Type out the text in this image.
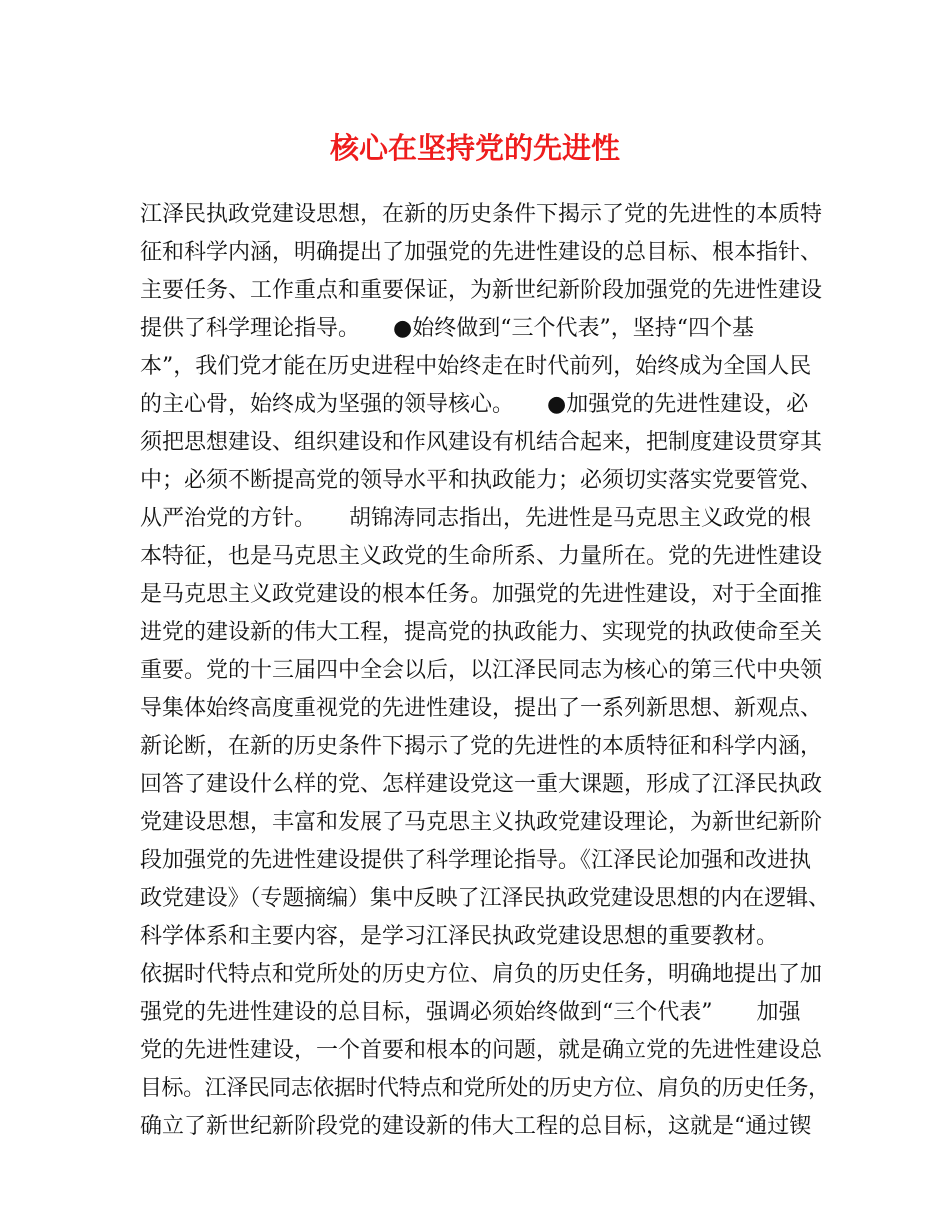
核心在坚持党的先进性
江泽民执政党建设思想，在新的历史条件下揭示了党的先进性的本质特
征和科学内涵，明确提出了加强党的先进性建设的总目标、根本指针、
主要任务、工作重点和重要保证，为新世纪新阶段加强党的先进性建设
提供了科学理论指导。　　●始终做到“三个代表”，坚持“四个基
本”，我们党才能在历史进程中始终走在时代前列，始终成为全国人民
的主心骨，始终成为坚强的领导核心。　　●加强党的先进性建设，必
须把思想建设、组织建设和作风建设有机结合起来，把制度建设贯穿其
中；必须不断提高党的领导水平和执政能力；必须切实落实党要管党、
从严治党的方针。　　胡锦涛同志指出，先进性是马克思主义政党的根
本特征，也是马克思主义政党的生命所系、力量所在。党的先进性建设
是马克思主义政党建设的根本任务。加强党的先进性建设，对于全面推
进党的建设新的伟大工程，提高党的执政能力、实现党的执政使命至关
重要。党的十三届四中全会以后，以江泽民同志为核心的第三代中央领
导集体始终高度重视党的先进性建设，提出了一系列新思想、新观点、
新论断，在新的历史条件下揭示了党的先进性的本质特征和科学内涵，
回答了建设什么样的党、怎样建设党这一重大课题，形成了江泽民执政
党建设思想，丰富和发展了马克思主义执政党建设理论，为新世纪新阶
段加强党的先进性建设提供了科学理论指导。《江泽民论加强和改进执
政党建设》（专题摘编）集中反映了江泽民执政党建设思想的内在逻辑、
科学体系和主要内容，是学习江泽民执政党建设思想的重要教材。
依据时代特点和党所处的历史方位、肩负的历史任务，明确地提出了加
强党的先进性建设的总目标，强调必须始终做到“三个代表”　　加强
党的先进性建设，一个首要和根本的问题，就是确立党的先进性建设总
目标。江泽民同志依据时代特点和党所处的历史方位、肩负的历史任务，
确立了新世纪新阶段党的建设新的伟大工程的总目标，这就是“通过锲
